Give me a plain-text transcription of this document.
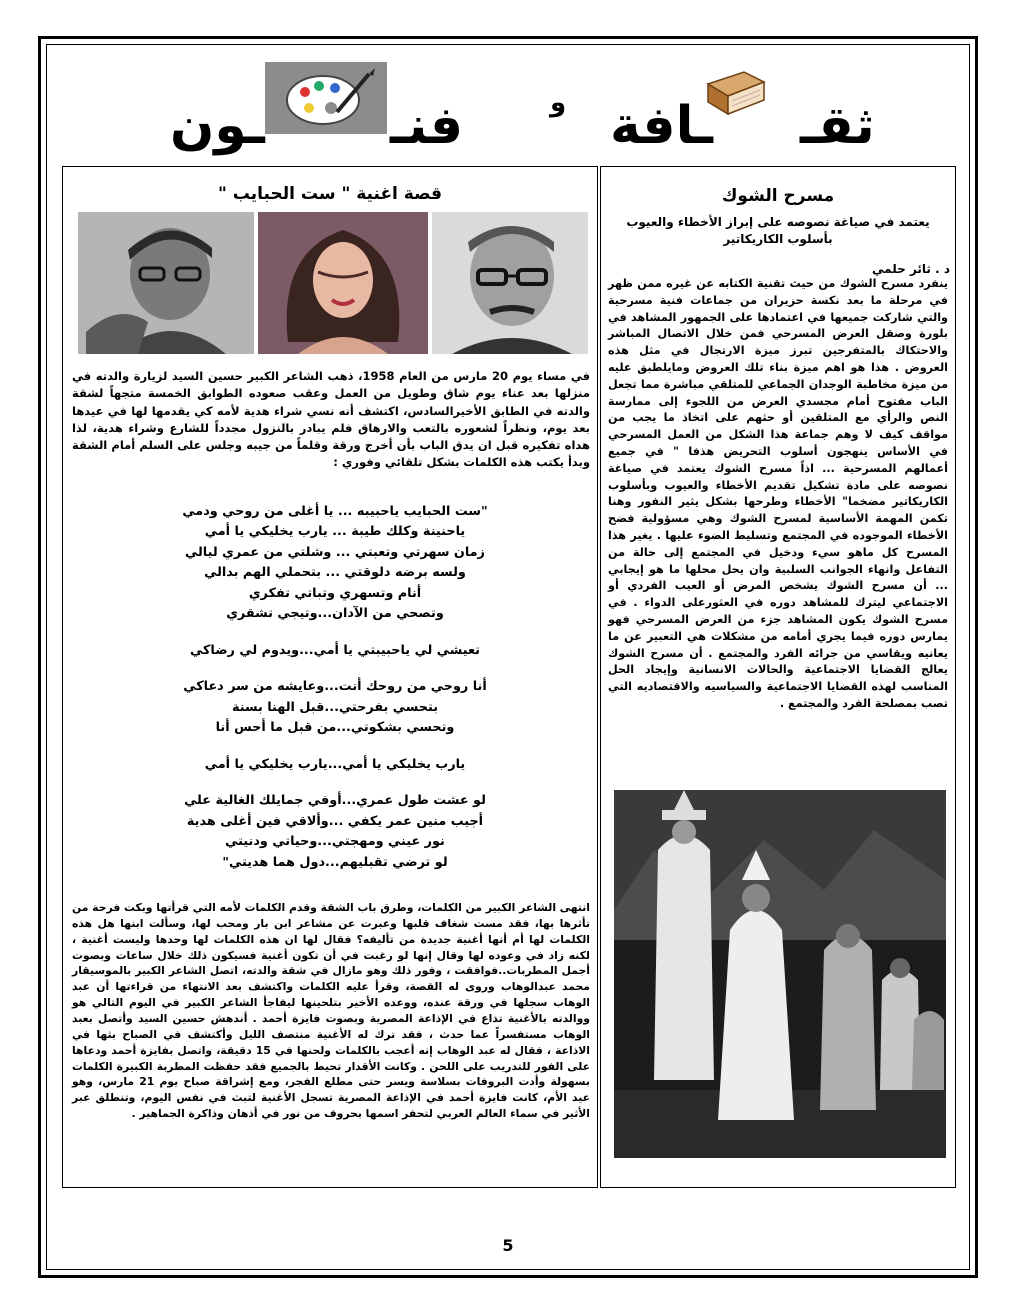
ثقـ
ـافة
و
فنـ
ـون
قصة اغنية " ست الحبايب "
في مساء يوم 20 مارس من العام 1958، ذهب الشاعر الكبير حسين السيد لزيارة والدته في منزلها بعد عناء يوم شاق وطويل من العمل وعقب صعوده الطوابق الخمسة متجهاً لشقة والدته في الطابق الأخيرالسادس، اكتشف أنه نسي شراء هدية لأمه كي يقدمها لها في عيدها بعد يوم، ونظراً لشعوره بالتعب والارهاق فلم يبادر بالنزول مجدداً للشارع وشراء هدية، لذا هداه تفكيره قبل ان يدق الباب بأن أخرج ورقة وقلماً من جيبه وجلس على السلم أمام الشقة وبدأ يكتب هذه الكلمات بشكل تلقائي وفوري :
"ست الحبايب ياحبيبه ... يا أغلى من روحي ودمي
ياحنينة وكلك طيبة ... يارب يخليكي يا أمي
زمان سهرتي وتعبتي ... وشلتي من عمري ليالي
ولسه برضه دلوقتي ... بتحملي الهم بدالي
أنام وتسهري وتباتي تفكري
وتصحي من الآدان...وتيجي تشقري
تعيشي لي ياحبيبتي يا أمي...ويدوم لي رضاكي
أنا روحي من روحك أنت...وعايشه من سر دعاكي
بتحسي بفرحتي...قبل الهنا بسنة
وتحسي بشكوتي...من قبل ما أحس أنا
يارب يخليكي يا أمي...يارب يخليكي يا أمي
لو عشت طول عمري...أوفي جمايلك الغالية علي
أجيب منين عمر يكفي ...وألاقي فين أغلى هدية
نور عيني ومهجتي...وحياتي ودنيتي
لو ترضي تقبليهم...دول هما هديتي"
انتهى الشاعر الكبير من الكلمات، وطرق باب الشقة وقدم الكلمات لأمه التي قرأتها وبكت فرحة من تأثرها بها، فقد مست شغاف قلبها وعبرت عن مشاعر ابن بار ومحب لها، وسألت ابنها هل هذه الكلمات لها أم أنها أغنية جديدة من تأليفه؟ فقال لها ان هذه الكلمات لها وحدها وليست أغنية ، لكنه زاد في وعوده لها وقال إنها لو رغبت في أن تكون أغنية فسيكون ذلك خلال ساعات وبصوت أجمل المطربات..فوافقت ، وفور ذلك وهو مازال في شقة والدته، اتصل الشاعر الكبير بالموسيقار محمد عبدالوهاب وروى له القصة، وقرأ عليه الكلمات واكتشف بعد الانتهاء من قراءتها أن عبد الوهاب سجلها في ورقة عنده، ووعده الأخير بتلحينها ليفاجأ الشاعر الكبير في اليوم التالي هو ووالدته بالأغنية تذاع في الإذاعة المصرية وبصوت فايزة أحمد . أندهش حسين السيد وأتصل بعبد الوهاب مستفسراً عما حدث ، فقد ترك له الأغنية منتصف الليل وأكتشف في الصباح بثها في الاذاعة ، فقال له عبد الوهاب إنه أعجب بالكلمات ولحنها في 15 دقيقة، واتصل بفايزة أحمد ودعاها على الفور للتدريب على اللحن . وكانت الأقدار تحيط بالجميع فقد حفظت المطربة الكبيرة الكلمات بسهولة وأدت البروفات بسلاسة ويسر حتى مطلع الفجر، ومع إشراقة صباح يوم 21 مارس، وهو عيد الأم، كانت فايزة أحمد في الإذاعة المصرية تسجل الأغنية لتبث في نفس اليوم، وتنطلق عبر الأثير في سماء العالم العربي لتحفر اسمها بحروف من نور في أذهان وذاكرة الجماهير .
مسرح الشوك
يعتمد في صياغة نصوصه على إبراز الأخطاء والعيوب بأسلوب الكاريكاتير
د . ثائر حلمي
ينفرد مسرح الشوك من حيث تقنية الكتابه عن غيره ممن ظهر في مرحلة ما بعد نكسة حزيران من جماعات فنية مسرحية والتي شاركت جميعها في اعتمادها على الجمهور المشاهد في بلورة وصقل العرض المسرحي فمن خلال الاتصال المباشر والاحتكاك بالمتفرجين تبرز ميزة الارتجال في مثل هذه العروض . هذا هو اهم ميزة بناء تلك العروض ومايلطبق عليه من ميزة مخاطبة الوجدان الجماعي للمتلقي مباشرة مما تجعل الباب مفتوح أمام مجسدي العرض من اللجوء إلى ممارسة النص والرأي مع المتلقين أو حثهم على اتخاذ ما يجب من مواقف كيف لا وهم جماعة هذا الشكل من العمل المسرحي في الأساس ينهجون أسلوب التحريض هذفا " في جميع أعمالهم المسرحية ... اذاً مسرح الشوك يعتمد في صياغة نصوصه على مادة تشكيل تقديم الأخطاء والعيوب وبأسلوب الكاريكاتير مضخما" الأخطاء وطرحها بشكل يثير النفور وهنا تكمن المهمة الأساسية لمسرح الشوك وهي مسؤولية فضح الأخطاء الموجوده في المجتمع وتسليط الضوء عليها . يغير هذا المسرح كل ماهو سيء ودخيل في المجتمع إلى حالة من التفاعل وانهاء الجوانب السلبية وان يحل محلها ما هو إيجابي ... أن مسرح الشوك يشخص المرض أو العيب الفردي أو الاجتماعي ليترك للمشاهد دوره في العثورعلى الدواء . في مسرح الشوك يكون المشاهد جزء من العرض المسرحي فهو يمارس دوره فيما يجري أمامه من مشكلات هي التعبير عن ما يعانيه ويقاسي من جرائه الفرد والمجتمع . أن مسرح الشوك يعالج القضايا الاجتماعية والحالات الانسانية وإيجاد الحل المناسب لهذه القضايا الاجتماعية والسياسيه والاقتصاديه التي تصب بمصلحة الفرد والمجتمع .
5
